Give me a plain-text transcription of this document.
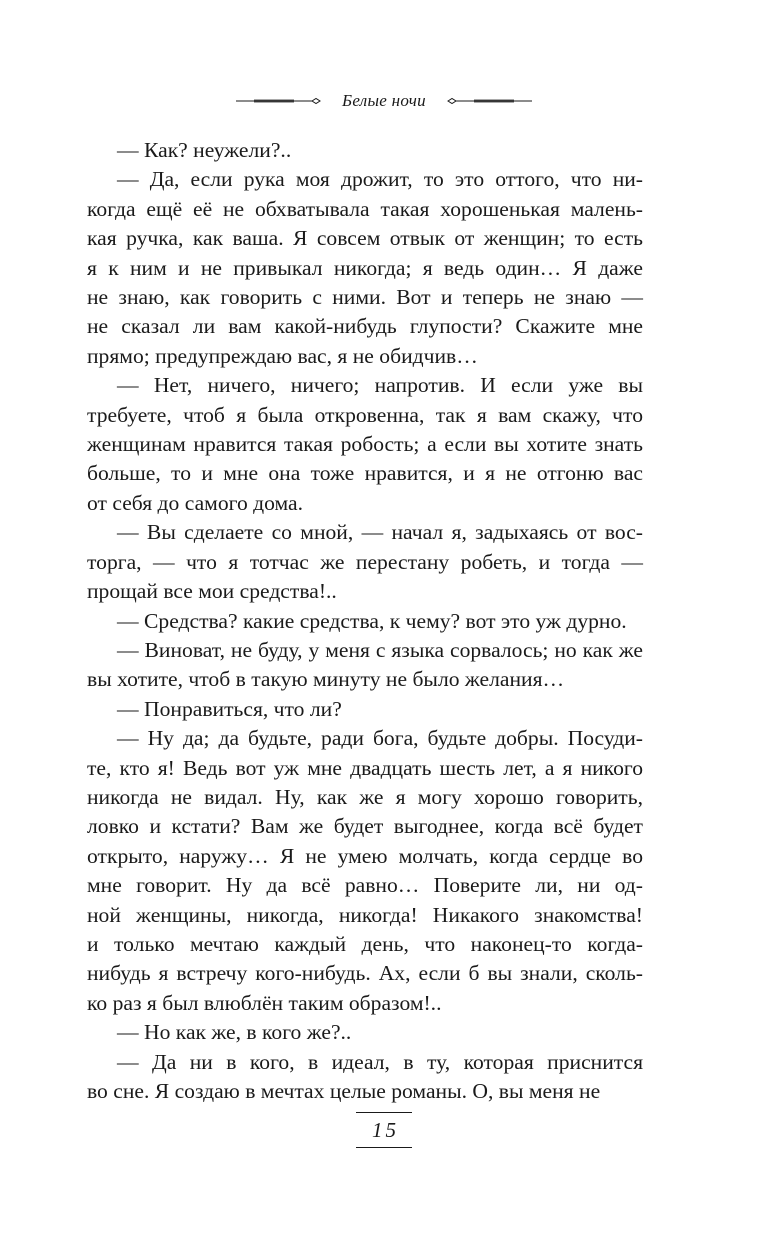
Белые ночи

— Как? неужели?..

— Да, если рука моя дрожит, то это оттого, что ни-

когда ещё её не обхватывала такая хорошенькая малень-

кая ручка, как ваша. Я совсем отвык от женщин; то есть

я к ним и не привыкал никогда; я ведь один… Я даже

не знаю, как говорить с ними. Вот и теперь не знаю —

не сказал ли вам какой-нибудь глупости? Скажите мне

прямо; предупреждаю вас, я не обидчив…

— Нет, ничего, ничего; напротив. И если уже вы

требуете, чтоб я была откровенна, так я вам скажу, что

женщинам нравится такая робость; а если вы хотите знать

больше, то и мне она тоже нравится, и я не отгоню вас

от себя до самого дома.

— Вы сделаете со мной, — начал я, задыхаясь от вос-

торга, — что я тотчас же перестану робеть, и тогда —

прощай все мои средства!..

— Средства? какие средства, к чему? вот это уж дурно.

— Виноват, не буду, у меня с языка сорвалось; но как же

вы хотите, чтоб в такую минуту не было желания…

— Понравиться, что ли?

— Ну да; да будьте, ради бога, будьте добры. Посуди-

те, кто я! Ведь вот уж мне двадцать шесть лет, а я никого

никогда не видал. Ну, как же я могу хорошо говорить,

ловко и кстати? Вам же будет выгоднее, когда всё будет

открыто, наружу… Я не умею молчать, когда сердце во

мне говорит. Ну да всё равно… Поверите ли, ни од-

ной женщины, никогда, никогда! Никакого знакомства!

и только мечтаю каждый день, что наконец-то когда-

нибудь я встречу кого-нибудь. Ах, если б вы знали, сколь-

ко раз я был влюблён таким образом!..

— Но как же, в кого же?..

— Да ни в кого, в идеал, в ту, которая приснится

во сне. Я создаю в мечтах целые романы. О, вы меня не

15
